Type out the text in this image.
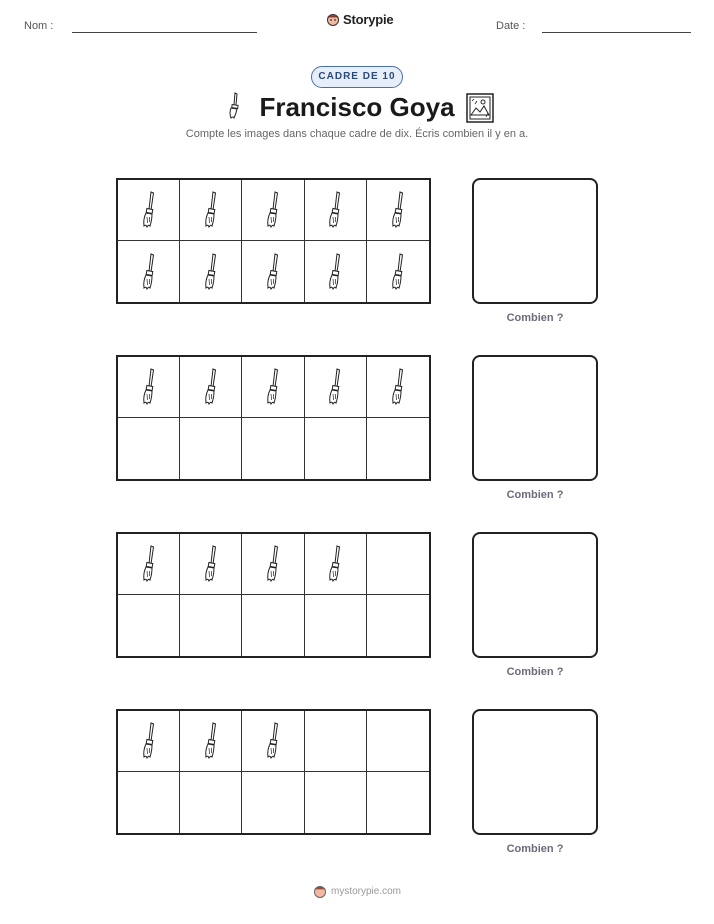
Nom :	Storypie	Date :
CADRE DE 10
Francisco Goya
Compte les images dans chaque cadre de dix. Écris combien il y en a.
Combien ?
Combien ?
Combien ?
Combien ?
mystorypie.com
